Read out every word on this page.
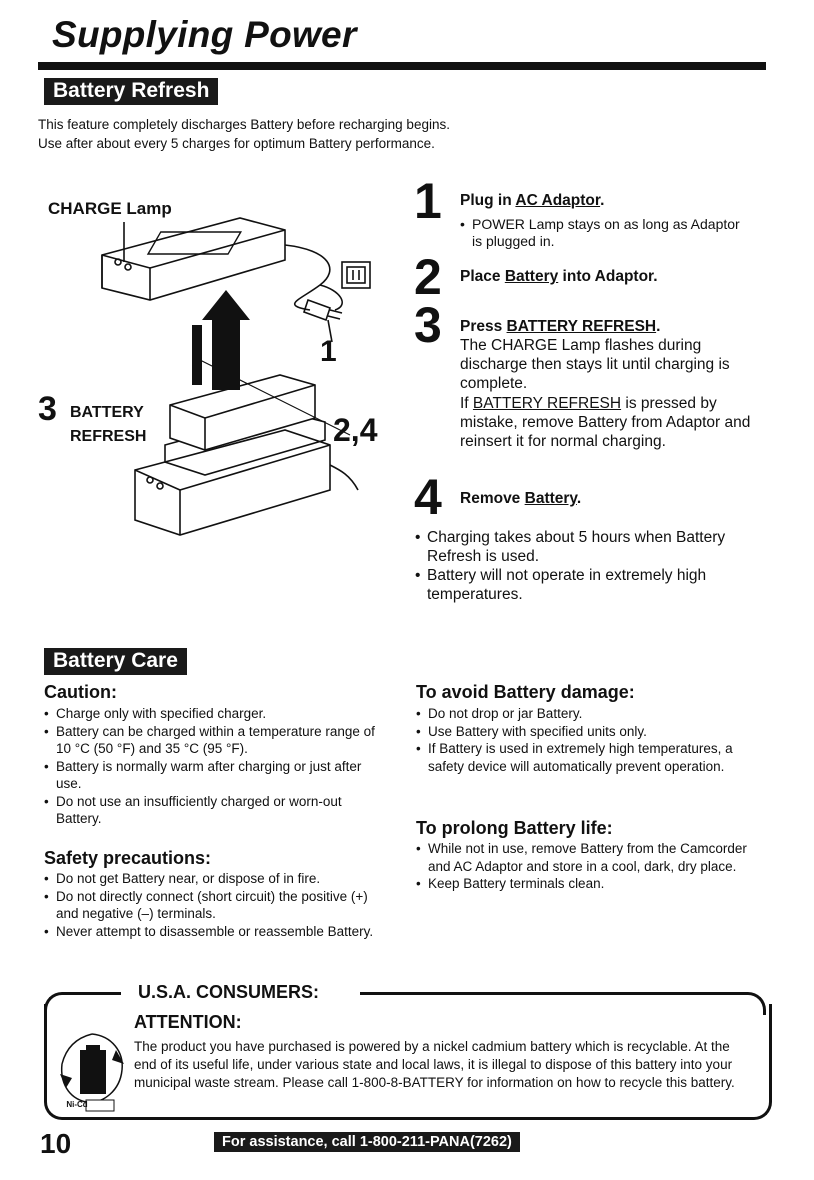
Supplying Power
Battery Refresh
This feature completely discharges Battery before recharging begins.
Use after about every 5 charges for optimum Battery performance.
CHARGE Lamp
1
3 BATTERY
REFRESH	2,4
1 Plug in AC Adaptor.
• POWER Lamp stays on as long as Adaptor is plugged in.
2 Place Battery into Adaptor.
3 Press BATTERY REFRESH.
The CHARGE Lamp flashes during discharge then stays lit until charging is complete.
If BATTERY REFRESH is pressed by mistake, remove Battery from Adaptor and reinsert it for normal charging.
4 Remove Battery.
• Charging takes about 5 hours when Battery Refresh is used.
• Battery will not operate in extremely high temperatures.
Battery Care
Caution:
• Charge only with specified charger.
• Battery can be charged within a temperature range of 10 °C (50 °F) and 35 °C (95 °F).
• Battery is normally warm after charging or just after use.
• Do not use an insufficiently charged or worn-out Battery.
Safety precautions:
• Do not get Battery near, or dispose of in fire.
• Do not directly connect (short circuit) the positive (+) and negative (–) terminals.
• Never attempt to disassemble or reassemble Battery.
To avoid Battery damage:
• Do not drop or jar Battery.
• Use Battery with specified units only.
• If Battery is used in extremely high temperatures, a safety device will automatically prevent operation.
To prolong Battery life:
• While not in use, remove Battery from the Camcorder and AC Adaptor and store in a cool, dark, dry place.
• Keep Battery terminals clean.
U.S.A. CONSUMERS:
ATTENTION:
The product you have purchased is powered by a nickel cadmium battery which is recyclable. At the end of its useful life, under various state and local laws, it is illegal to dispose of this battery into your municipal waste stream. Please call 1-800-8-BATTERY for information on how to recycle this battery.
Ni-Cd
10	For assistance, call 1-800-211-PANA(7262)
